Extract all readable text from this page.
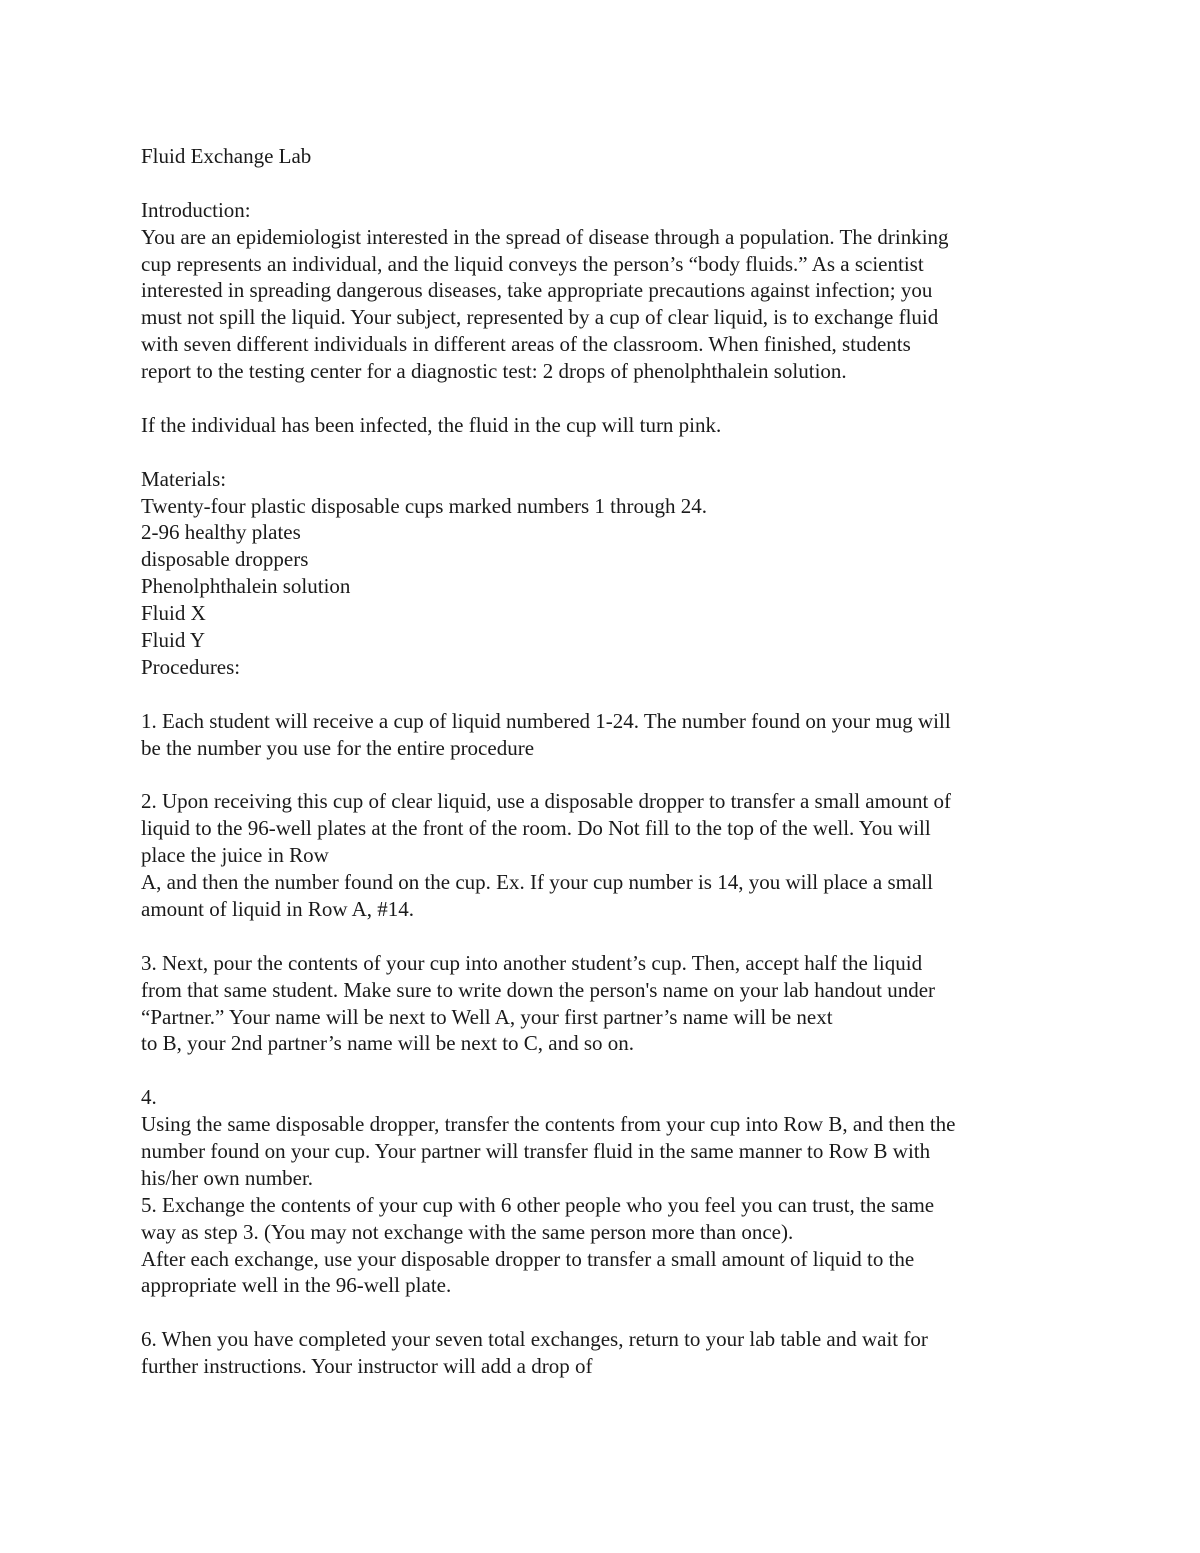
Fluid Exchange Lab
Introduction:
You are an epidemiologist interested in the spread of disease through a population. The drinking
cup represents an individual, and the liquid conveys the person’s “body fluids.” As a scientist
interested in spreading dangerous diseases, take appropriate precautions against infection; you
must not spill the liquid. Your subject, represented by a cup of clear liquid, is to exchange fluid
with seven different individuals in different areas of the classroom. When finished, students
report to the testing center for a diagnostic test: 2 drops of phenolphthalein solution.
If the individual has been infected, the fluid in the cup will turn pink.
Materials:
Twenty-four plastic disposable cups marked numbers 1 through 24.
2-96 healthy plates
disposable droppers
Phenolphthalein solution
Fluid X
Fluid Y
Procedures:
1. Each student will receive a cup of liquid numbered 1-24. The number found on your mug will
be the number you use for the entire procedure
2. Upon receiving this cup of clear liquid, use a disposable dropper to transfer a small amount of
liquid to the 96-well plates at the front of the room. Do Not fill to the top of the well. You will
place the juice in Row
A, and then the number found on the cup. Ex. If your cup number is 14, you will place a small
amount of liquid in Row A, #14.
3. Next, pour the contents of your cup into another student’s cup. Then, accept half the liquid
from that same student. Make sure to write down the person's name on your lab handout under
“Partner.” Your name will be next to Well A, your first partner’s name will be next
to B, your 2nd partner’s name will be next to C, and so on.
4.
Using the same disposable dropper, transfer the contents from your cup into Row B, and then the
number found on your cup. Your partner will transfer fluid in the same manner to Row B with
his/her own number.
5. Exchange the contents of your cup with 6 other people who you feel you can trust, the same
way as step 3. (You may not exchange with the same person more than once).
After each exchange, use your disposable dropper to transfer a small amount of liquid to the
appropriate well in the 96-well plate.
6. When you have completed your seven total exchanges, return to your lab table and wait for
further instructions. Your instructor will add a drop of
